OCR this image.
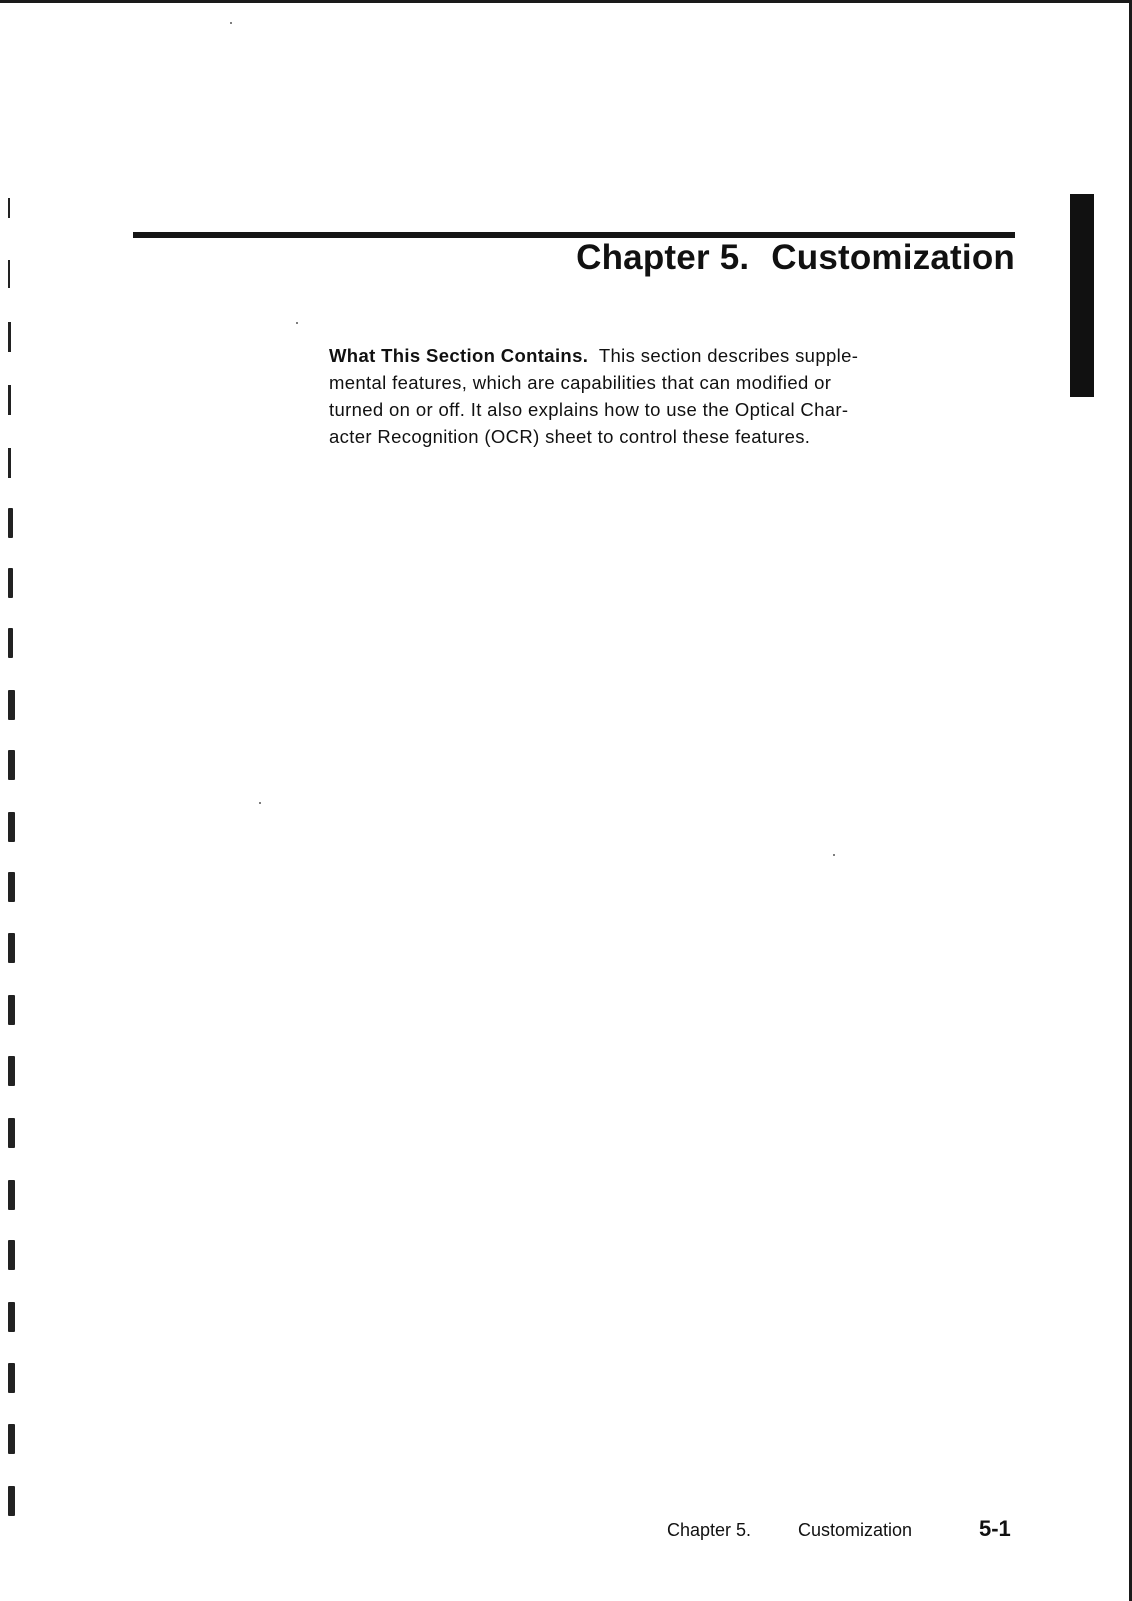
Chapter 5. Customization

What This Section Contains. This section describes supple-
mental features, which are capabilities that can modified or
turned on or off. It also explains how to use the Optical Char-
acter Recognition (OCR) sheet to control these features.

Chapter 5.	Customization	5-1
